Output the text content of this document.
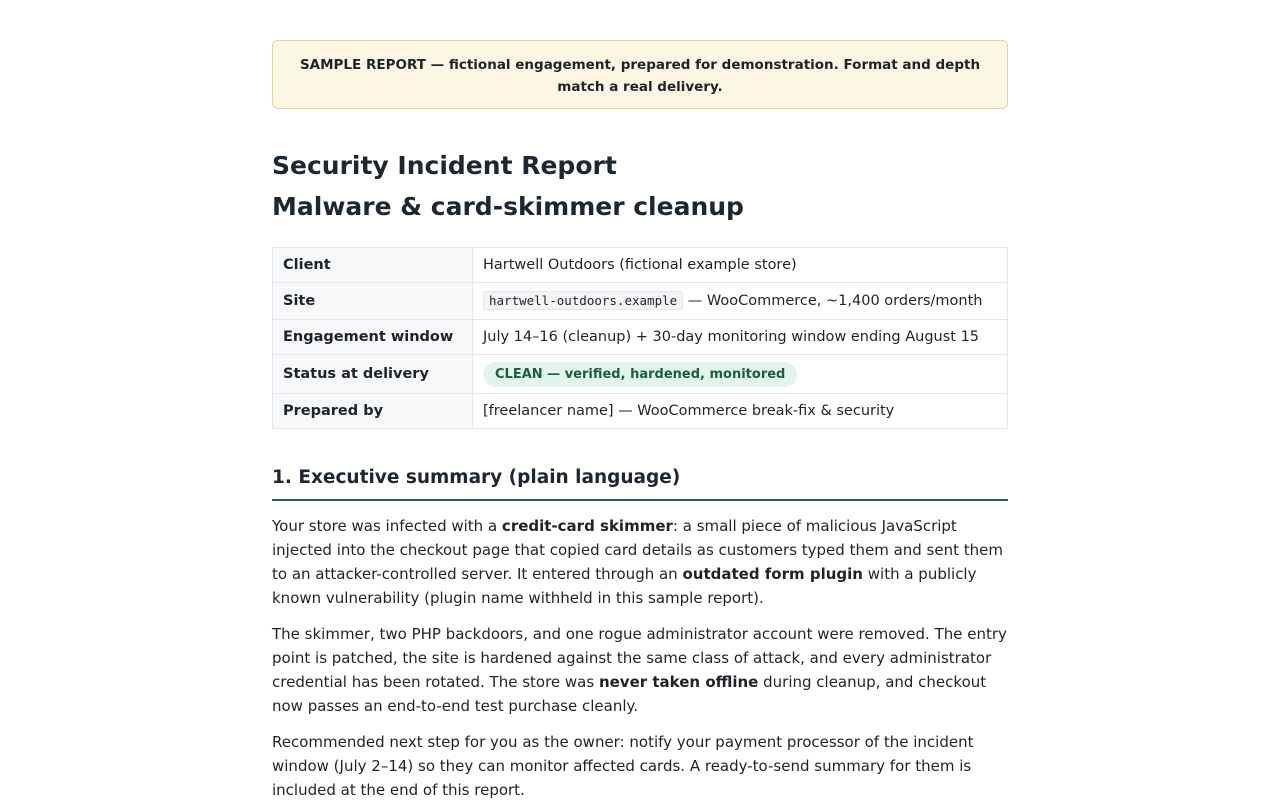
SAMPLE REPORT — fictional engagement, prepared for demonstration. Format and depth match a real delivery.
Security Incident Report
Malware & card-skimmer cleanup
Client	Hartwell Outdoors (fictional example store)
Site	hartwell-outdoors.example — WooCommerce, ~1,400 orders/month
Engagement window	July 14–16 (cleanup) + 30-day monitoring window ending August 15
Status at delivery	CLEAN — verified, hardened, monitored
Prepared by	[freelancer name] — WooCommerce break-fix & security
1. Executive summary (plain language)

Your store was infected with a credit-card skimmer: a small piece of malicious JavaScript injected into the checkout page that copied card details as customers typed them and sent them to an attacker-controlled server. It entered through an outdated form plugin with a publicly known vulnerability (plugin name withheld in this sample report).

The skimmer, two PHP backdoors, and one rogue administrator account were removed. The entry point is patched, the site is hardened against the same class of attack, and every administrator credential has been rotated. The store was never taken offline during cleanup, and checkout now passes an end-to-end test purchase cleanly.

Recommended next step for you as the owner: notify your payment processor of the incident window (July 2–14) so they can monitor affected cards. A ready-to-send summary for them is included at the end of this report.
